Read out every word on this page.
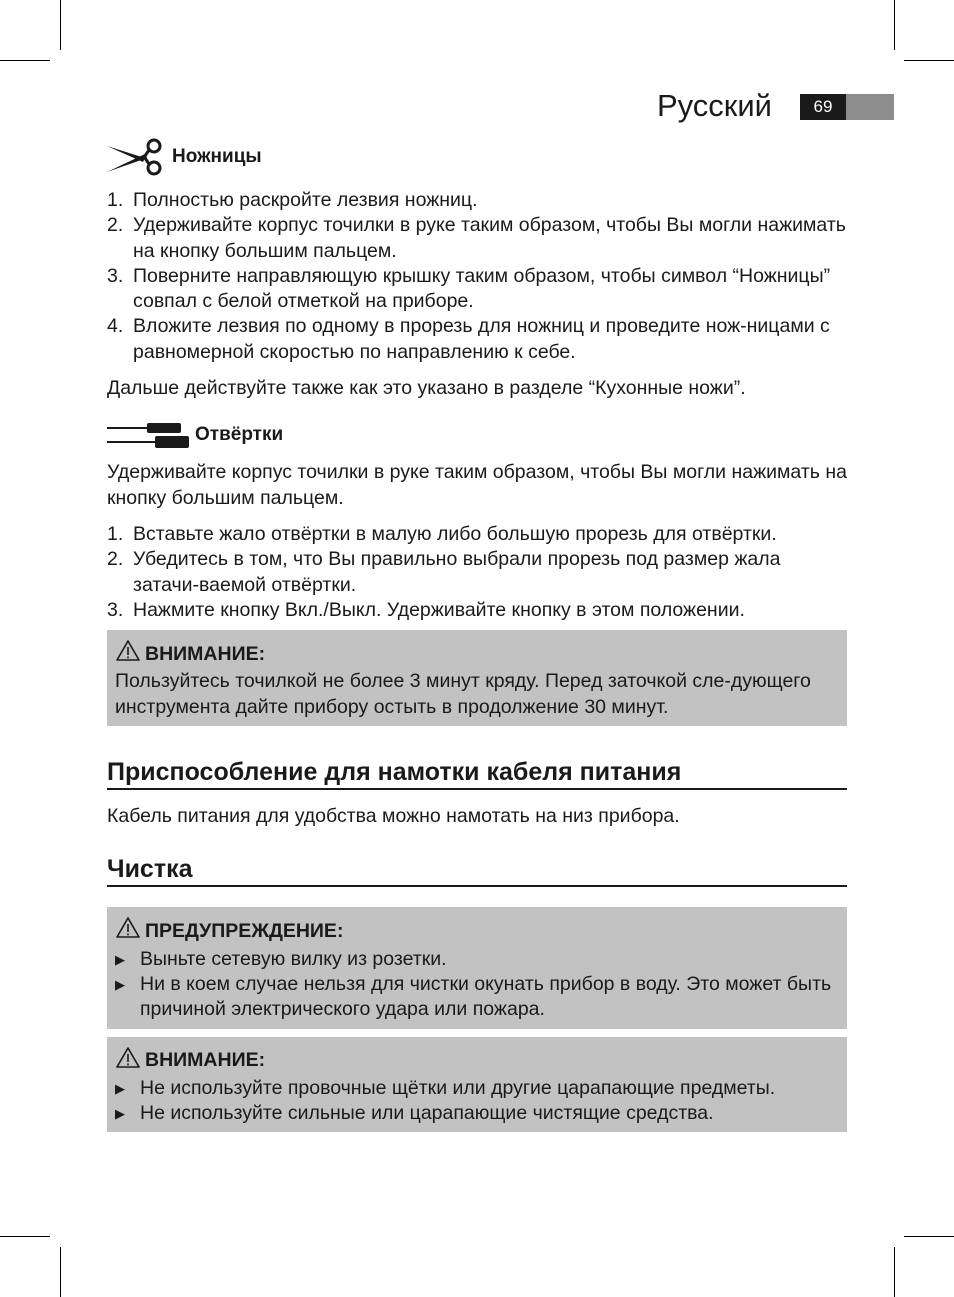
Русский	69
Ножницы
1. Полностью раскройте лезвия ножниц.
2. Удерживайте корпус точилки в руке таким образом, чтобы Вы могли нажимать на кнопку большим пальцем.
3. Поверните направляющую крышку таким образом, чтобы символ “Ножницы” совпал с белой отметкой на приборе.
4. Вложите лезвия по одному в прорезь для ножниц и проведите нож-ницами с равномерной скоростью по направлению к себе.

Дальше действуйте также как это указано в разделе “Кухонные ножи”.

Отвёртки

Удерживайте корпус точилки в руке таким образом, чтобы Вы могли нажимать на кнопку большим пальцем.

1. Вставьте жало отвёртки в малую либо большую прорезь для отвёртки.
2. Убедитесь в том, что Вы правильно выбрали прорезь под размер жала затачи-ваемой отвёртки.
3. Нажмите кнопку Вкл./Выкл. Удерживайте кнопку в этом положении.
ВНИМАНИЕ:

Пользуйтесь точилкой не более 3 минут кряду. Перед заточкой сле-дующего инструмента дайте прибору остыть в продолжение 30 минут.

Приспособление для намотки кабеля питания

Кабель питания для удобства можно намотать на низ прибора.

Чистка
ПРЕДУПРЕЖДЕНИЕ:
▶ Выньте сетевую вилку из розетки.
▶ Ни в коем случае нельзя для чистки окунать прибор в воду. Это может быть причиной электрического удара или пожара.
ВНИМАНИЕ:
▶ Не используйте провочные щётки или другие царапающие предметы.
▶ Не используйте сильные или царапающие чистящие средства.
